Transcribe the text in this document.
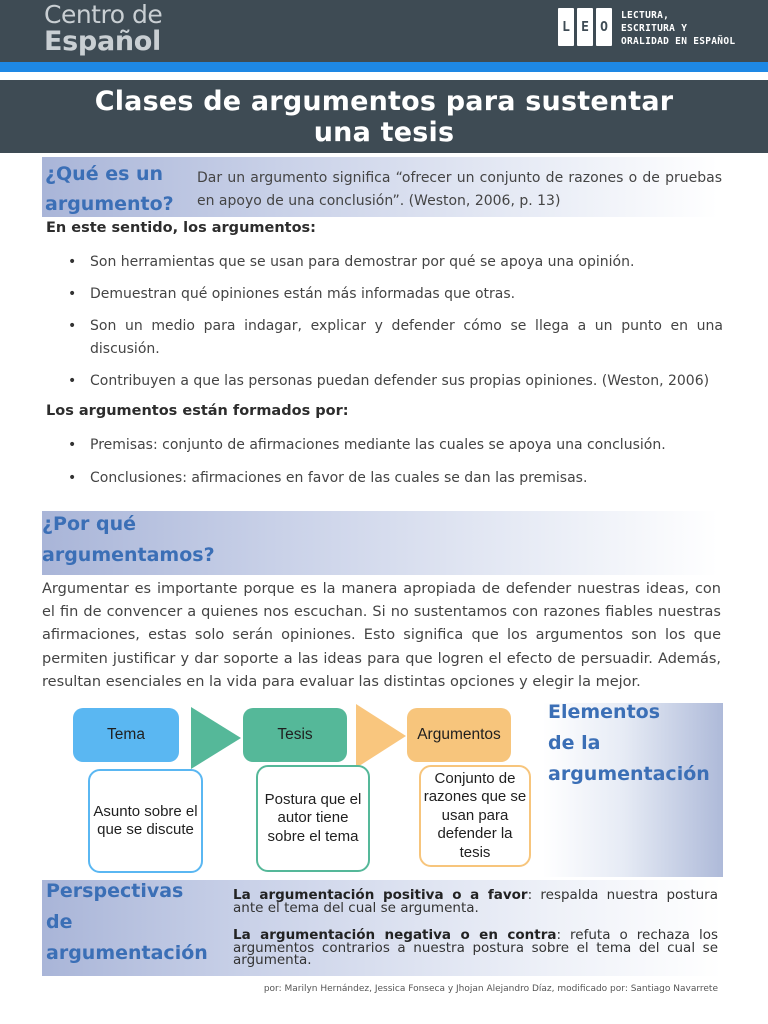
Centro de
Español	L E O
LECTURA,
ESCRITURA Y
ORALIDAD EN ESPAÑOL
Clases de argumentos para sustentar
una tesis
¿Qué es un
argumento?
Dar un argumento significa “ofrecer un conjunto de razones o de pruebas en apoyo de una conclusión”. (Weston, 2006, p. 13)
En este sentido, los argumentos:
• Son herramientas que se usan para demostrar por qué se apoya una opinión.
• Demuestran qué opiniones están más informadas que otras.
• Son un medio para indagar, explicar y defender cómo se llega a un punto en una discusión.
• Contribuyen a que las personas puedan defender sus propias opiniones. (Weston, 2006)
Los argumentos están formados por:
• Premisas: conjunto de afirmaciones mediante las cuales se apoya una conclusión.
• Conclusiones: afirmaciones en favor de las cuales se dan las premisas.
¿Por qué
argumentamos?
Argumentar es importante porque es la manera apropiada de defender nuestras ideas, con el fin de convencer a quienes nos escuchan. Si no sustentamos con razones fiables nuestras afirmaciones, estas solo serán opiniones. Esto significa que los argumentos son los que permiten justificar y dar soporte a las ideas para que logren el efecto de persuadir. Además, resultan esenciales en la vida para evaluar las distintas opciones y elegir la mejor.
Tema	Tesis	Argumentos
Asunto sobre el que se discute
Postura que el autor tiene sobre el tema
Conjunto de razones que se usan para defender la tesis
Elementos
de la
argumentación
Perspectivas
de
argumentación
La argumentación positiva o a favor: respalda nuestra postura ante el tema del cual se argumenta.
La argumentación negativa o en contra: refuta o rechaza los argumentos contrarios a nuestra postura sobre el tema del cual se argumenta.
por: Marilyn Hernández, Jessica Fonseca y Jhojan Alejandro Díaz, modificado por: Santiago Navarrete
